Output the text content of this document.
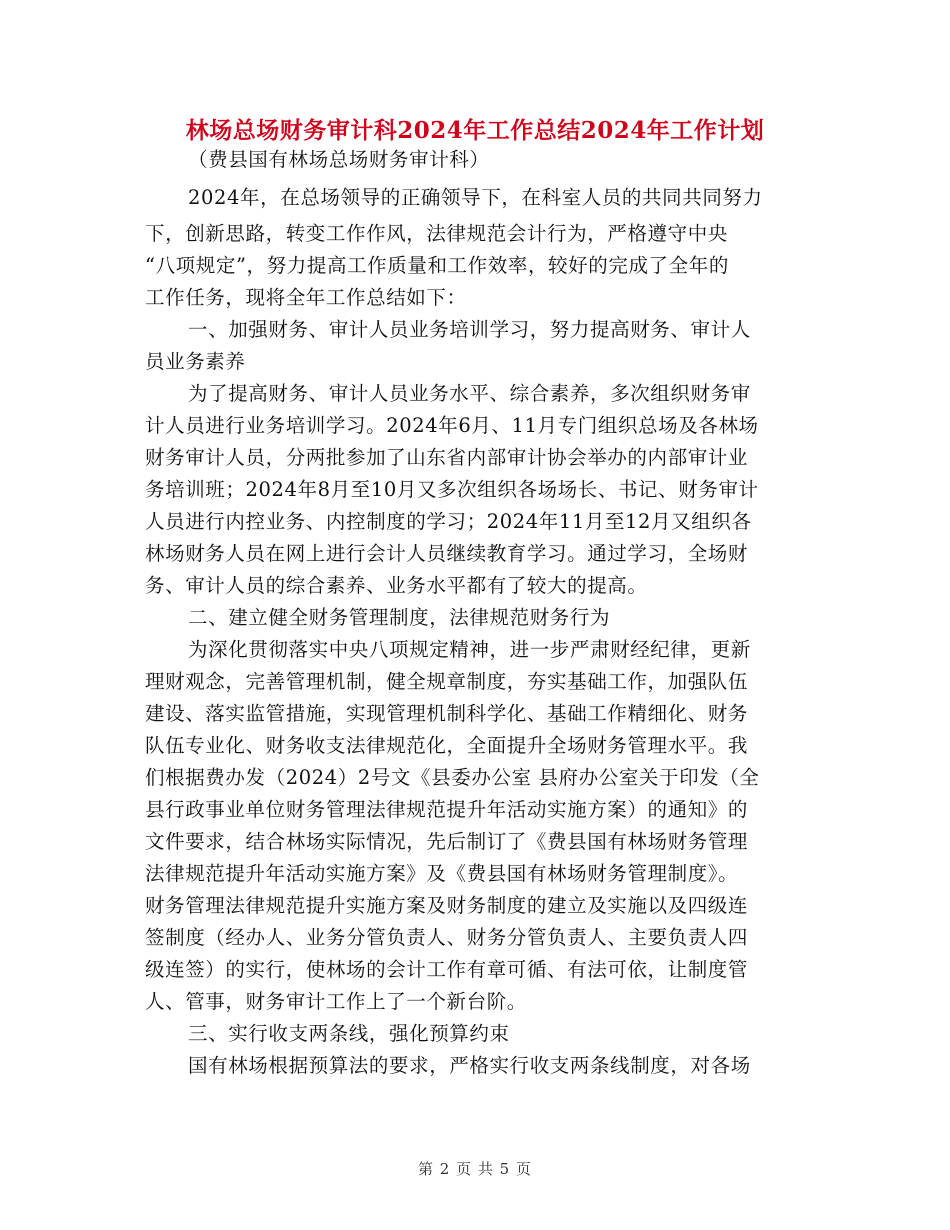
林场总场财务审计科2024年工作总结2024年工作计划
（费县国有林场总场财务审计科）
2024年，在总场领导的正确领导下，在科室人员的共同共同努力
下，创新思路，转变工作作风，法律规范会计行为，严格遵守中央
“八项规定”，努力提高工作质量和工作效率，较好的完成了全年的
工作任务，现将全年工作总结如下：
一、加强财务、审计人员业务培训学习，努力提高财务、审计人
员业务素养
为了提高财务、审计人员业务水平、综合素养，多次组织财务审
计人员进行业务培训学习。2024年6月、11月专门组织总场及各林场
财务审计人员，分两批参加了山东省内部审计协会举办的内部审计业
务培训班；2024年8月至10月又多次组织各场场长、书记、财务审计
人员进行内控业务、内控制度的学习；2024年11月至12月又组织各
林场财务人员在网上进行会计人员继续教育学习。通过学习，全场财
务、审计人员的综合素养、业务水平都有了较大的提高。
二、建立健全财务管理制度，法律规范财务行为
为深化贯彻落实中央八项规定精神，进一步严肃财经纪律，更新
理财观念，完善管理机制，健全规章制度，夯实基础工作，加强队伍
建设、落实监管措施，实现管理机制科学化、基础工作精细化、财务
队伍专业化、财务收支法律规范化，全面提升全场财务管理水平。我
们根据费办发（2024）2号文《县委办公室 县府办公室关于印发（全
县行政事业单位财务管理法律规范提升年活动实施方案）的通知》的
文件要求，结合林场实际情况，先后制订了《费县国有林场财务管理
法律规范提升年活动实施方案》及《费县国有林场财务管理制度》。
财务管理法律规范提升实施方案及财务制度的建立及实施以及四级连
签制度（经办人、业务分管负责人、财务分管负责人、主要负责人四
级连签）的实行，使林场的会计工作有章可循、有法可依，让制度管
人、管事，财务审计工作上了一个新台阶。
三、实行收支两条线，强化预算约束
国有林场根据预算法的要求，严格实行收支两条线制度，对各场
第 2 页 共 5 页
